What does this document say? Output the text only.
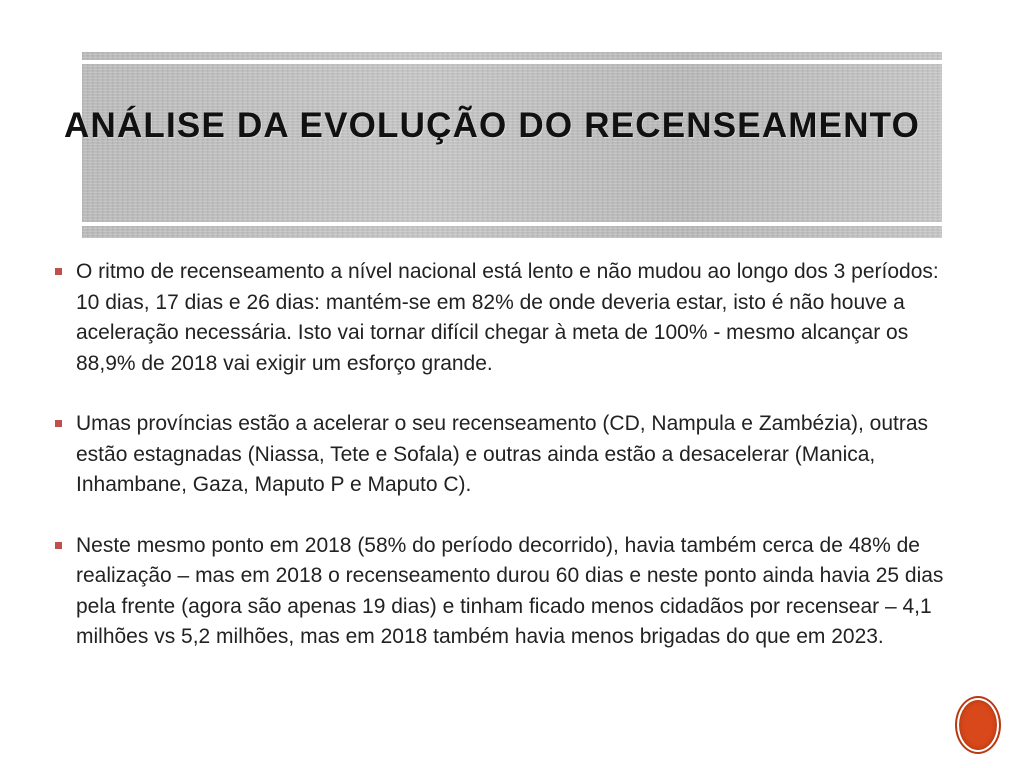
ANÁLISE DA EVOLUÇÃO DO RECENSEAMENTO
O ritmo de recenseamento a nível nacional está lento e não mudou ao longo dos 3 períodos: 10 dias, 17 dias e 26 dias: mantém-se em 82% de onde deveria estar, isto é não houve a aceleração necessária. Isto vai tornar difícil chegar à meta de 100% - mesmo alcançar os 88,9% de 2018 vai exigir um esforço grande.
Umas províncias estão a acelerar o seu recenseamento (CD, Nampula e Zambézia), outras estão estagnadas (Niassa, Tete e Sofala) e outras ainda estão a desacelerar (Manica, Inhambane, Gaza, Maputo P e Maputo C).
Neste mesmo ponto em 2018 (58% do período decorrido), havia também cerca de 48% de realização – mas em 2018 o recenseamento durou 60 dias e neste ponto ainda havia 25 dias pela frente (agora são apenas 19 dias) e tinham ficado menos cidadãos por recensear – 4,1 milhões vs 5,2 milhões, mas em 2018 também havia menos brigadas do que em 2023.
